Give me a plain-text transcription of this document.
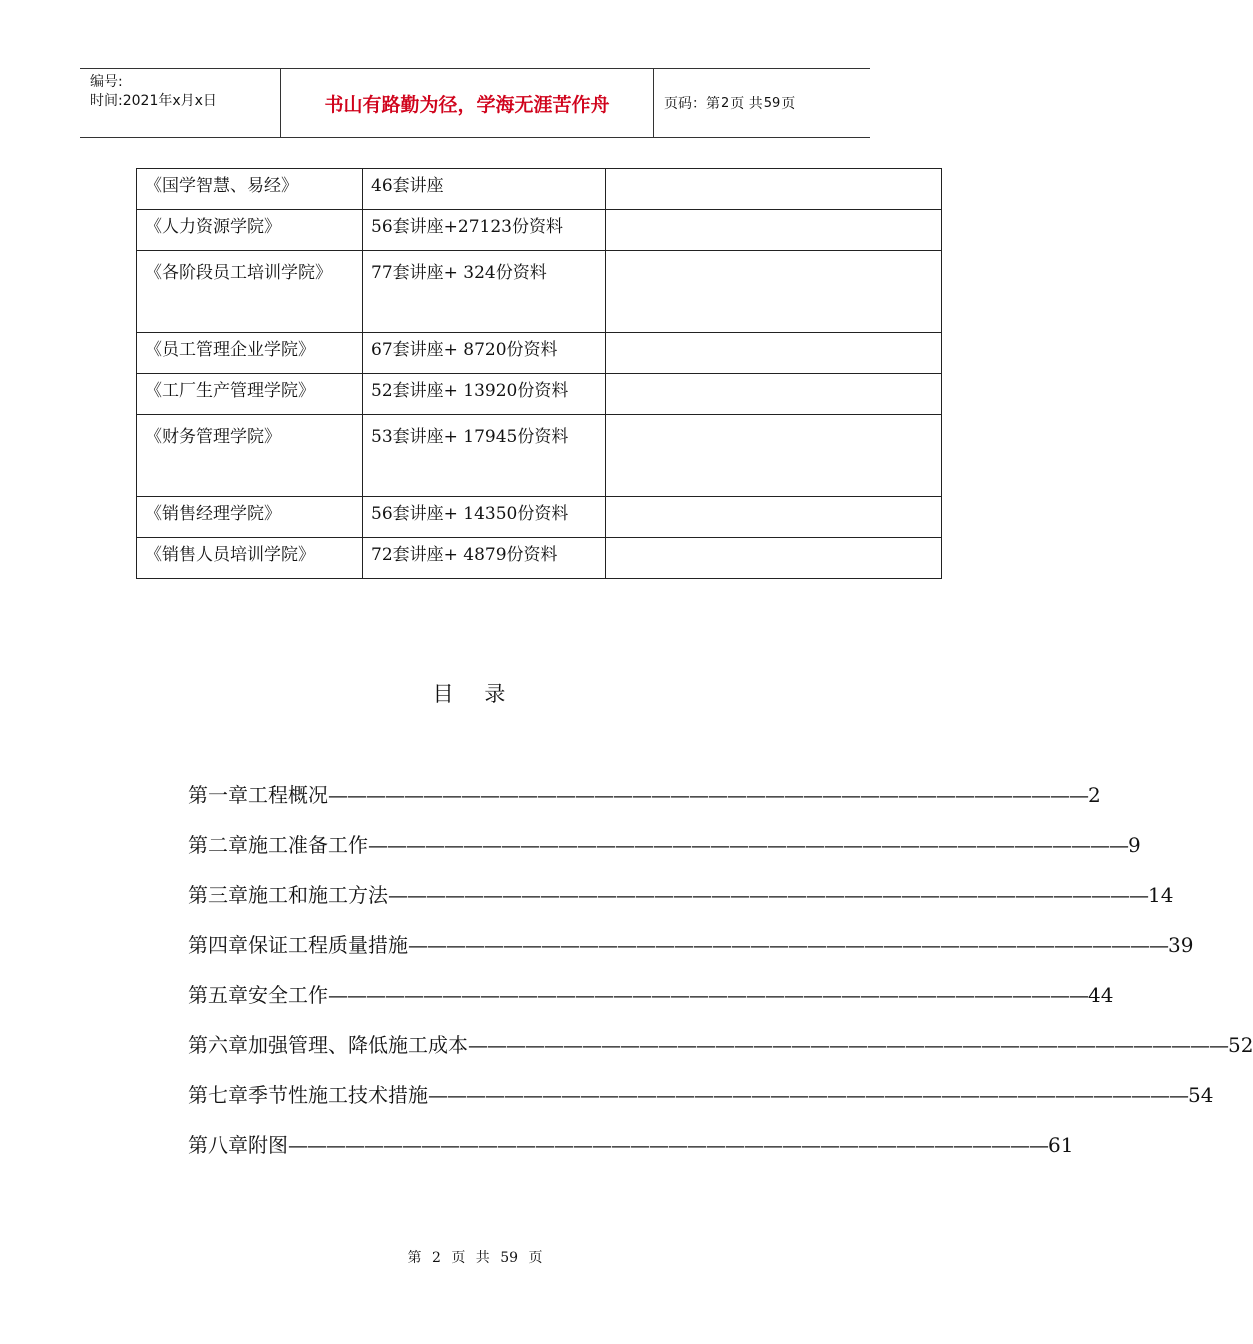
编号:
时间:2021年x月x日	书山有路勤为径，学海无涯苦作舟	页码：第 2 页 共 59 页
《国学智慧、易经》	46套讲座	
《人力资源学院》	56套讲座+27123份资料	
《各阶段员工培训学院》	77套讲座+ 324份资料	
《员工管理企业学院》	67套讲座+ 8720份资料	
《工厂生产管理学院》	52套讲座+ 13920份资料	
《财务管理学院》	53套讲座+ 17945份资料	
《销售经理学院》	56套讲座+ 14350份资料	
《销售人员培训学院》	72套讲座+ 4879份资料	
目 录
第一章 工程概况 ———————————————————————————————————————— 2
第二章 施工准备工作 ———————————————————————————————————————— 9
第三章 施工和施工方法 ———————————————————————————————————————— 14
第四章 保证工程质量措施 ———————————————————————————————————————— 39
第五章 安全工作 ———————————————————————————————————————— 44
第六章 加强管理、降低施工成本 ———————————————————————————————————————— 52
第七章 季节性施工技术措施 ———————————————————————————————————————— 54
第八章 附图 ———————————————————————————————————————— 61
第 2 页 共 59 页
